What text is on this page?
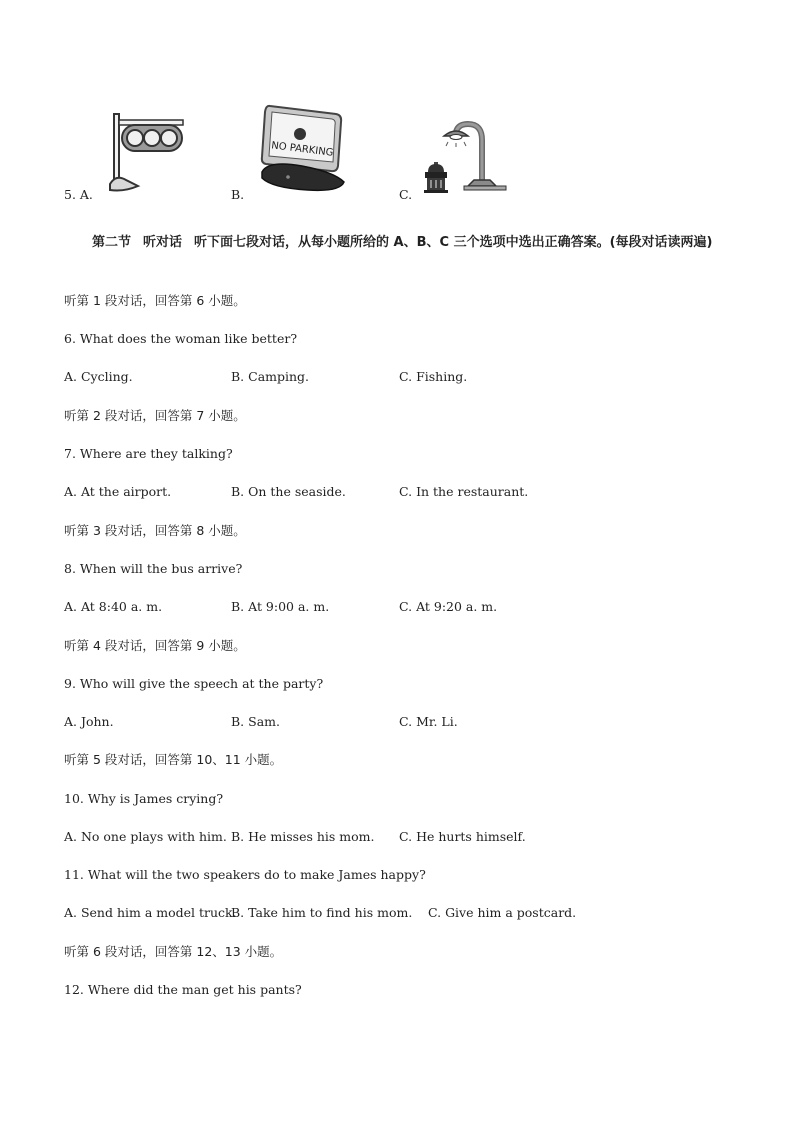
5. A.	B.	C.
NO PARKING
第二节 听对话 听下面七段对话，从每小题所给的 A、B、C 三个选项中选出正确答案。(每段对话读两遍)
听第 1 段对话，回答第 6 小题。
6. What does the woman like better?
A. Cycling.	B. Camping.	C. Fishing.
听第 2 段对话，回答第 7 小题。
7. Where are they talking?
A. At the airport.	B. On the seaside.	C. In the restaurant.
听第 3 段对话，回答第 8 小题。
8. When will the bus arrive?
A. At 8:40 a. m.	B. At 9:00 a. m.	C. At 9:20 a. m.
听第 4 段对话，回答第 9 小题。
9. Who will give the speech at the party?
A. John.	B. Sam.	C. Mr. Li.
听第 5 段对话，回答第 10、11 小题。
10. Why is James crying?
A. No one plays with him. B. He misses his mom. C. He hurts himself.
11. What will the two speakers do to make James happy?
A. Send him a model truck.
B. Take him to find his mom. C. Give him a postcard.
听第 6 段对话，回答第 12、13 小题。
12. Where did the man get his pants?
